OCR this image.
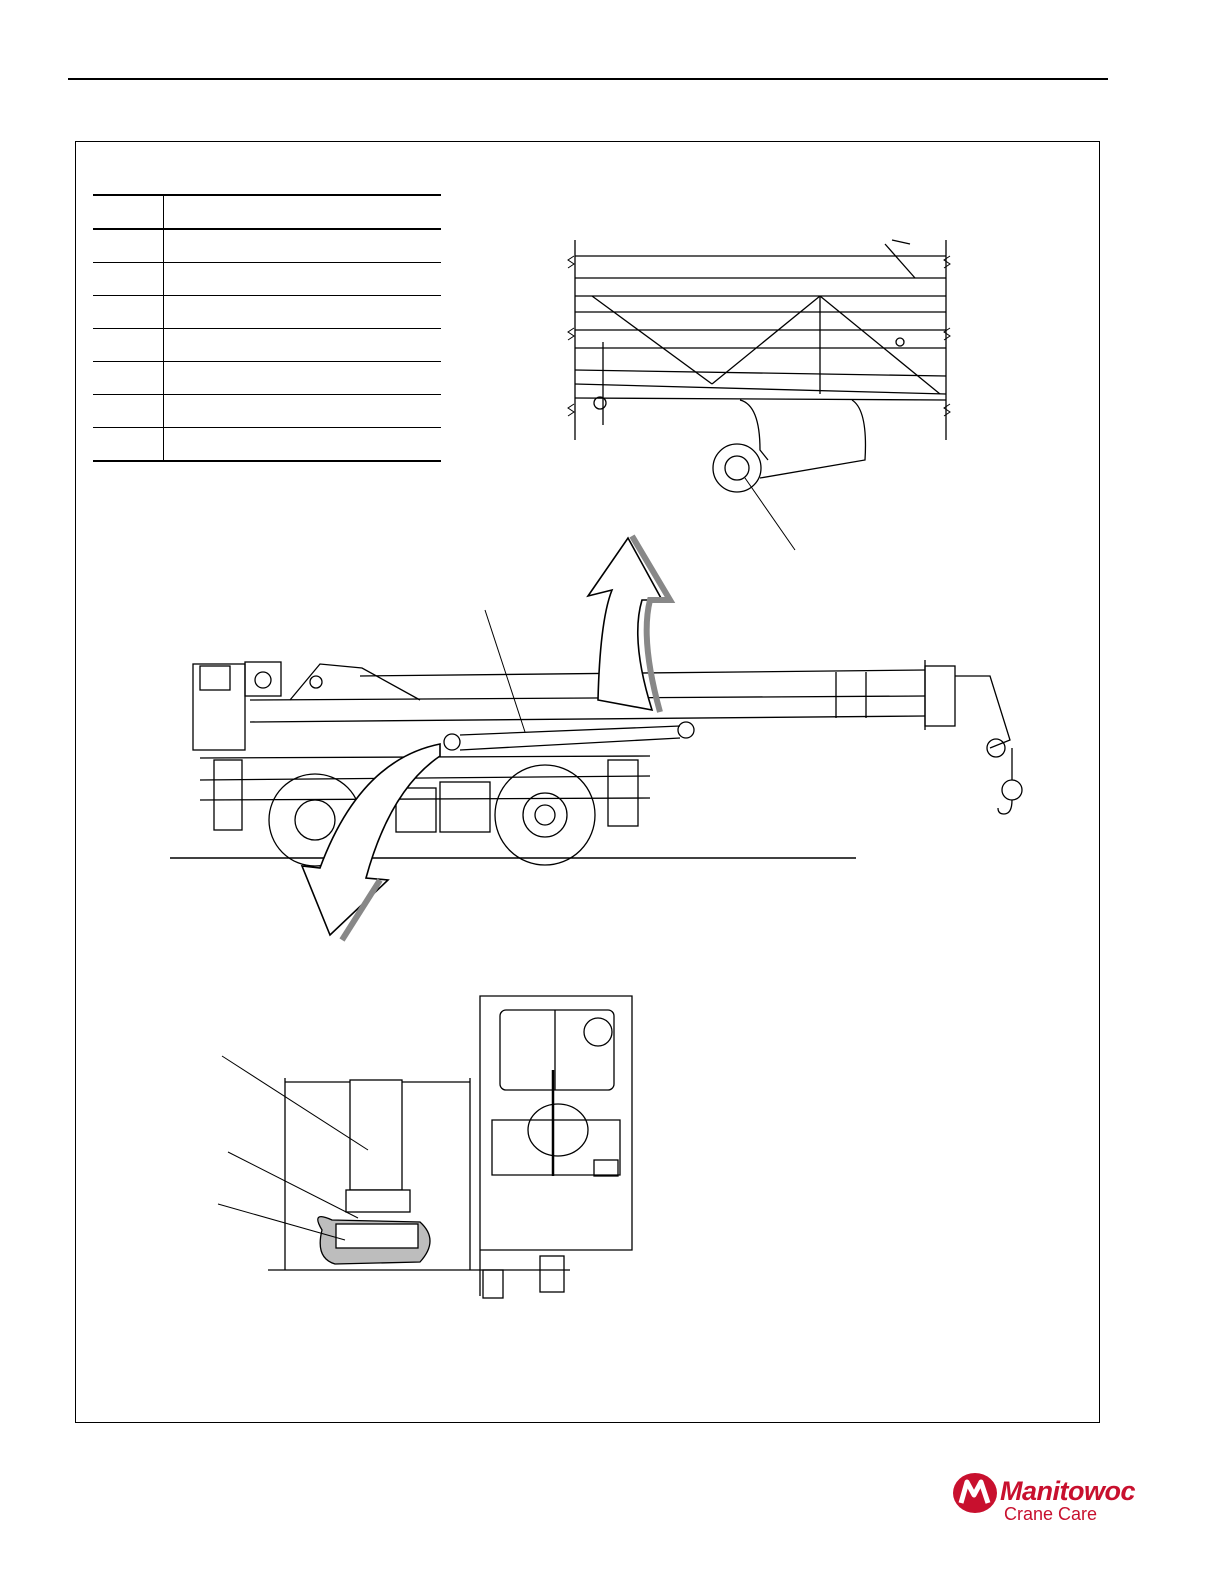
Manitowoc
Crane Care
